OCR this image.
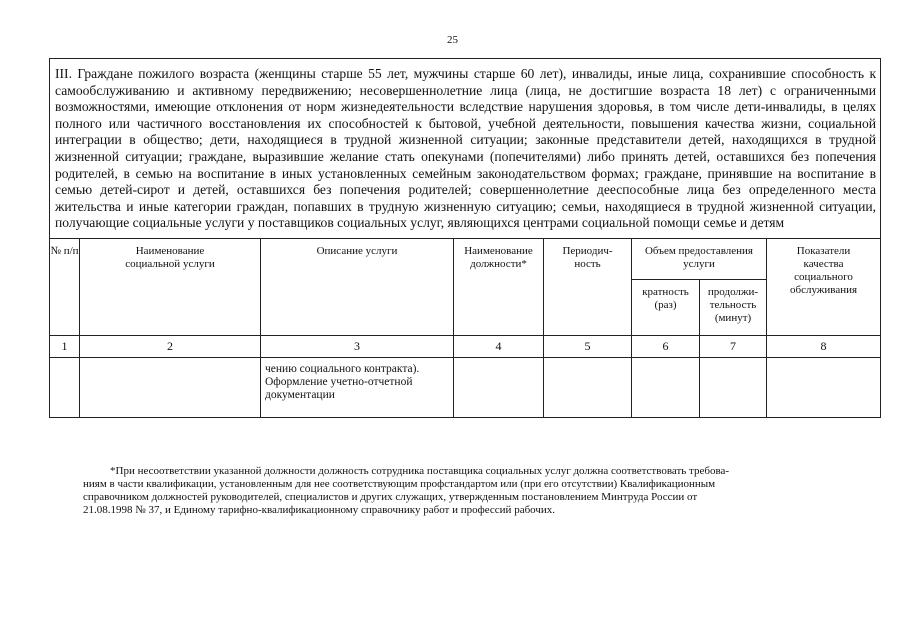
25
III. Граждане пожилого возраста (женщины старше 55 лет, мужчины старше 60 лет), инвалиды, иные лица, сохранившие способность к самообслуживанию и активному передвижению; несовершеннолетние лица (лица, не достигшие возраста 18 лет) с ограниченными возможностями, имеющие отклонения от норм жизнедеятельности вследствие нарушения здоровья, в том числе дети-инвалиды, в целях полного или частичного восстановления их способностей к бытовой, учебной деятельности, повышения качества жизни, социальной интеграции в общество; дети, находящиеся в трудной жизненной ситуации; законные представители детей, находящихся в трудной жизненной ситуации; граждане, выразившие желание стать опекунами (попечителями) либо принять детей, оставшихся без попечения родителей, в семью на воспитание в иных установленных семейным законодательством формах; граждане, принявшие на воспитание в семью детей-сирот и детей, оставшихся без попечения родителей; совершеннолетние дееспособные лица без определенного места жительства и иные категории граждан, попавших в трудную жизненную ситуацию; семьи, находящиеся в трудной жизненной ситуации, получающие социальные услуги у поставщиков социальных услуг, являющихся центрами социальной помощи семье и детям							
№ п/п	Наименование социальной услуги	Описание услуги	Наименование должности*	Периодич-ность	Объем предоставления услуги		Показатели качества социального обслуживания
					кратность (раз)	продолжи-тельность (минут)	
1	2	3	4	5	6	7	8
		чению социального контракта). Оформление учетно-отчетной документации					
*При несоответствии указанной должности должность сотрудника поставщика социальных услуг должна соответствовать требова-
ниям в части квалификации, установленным для нее соответствующим профстандартом или (при его отсутствии) Квалификационным
справочником должностей руководителей, специалистов и других служащих, утвержденным постановлением Минтруда России от
21.08.1998 № 37, и Единому тарифно-квалификационному справочнику работ и профессий рабочих.
